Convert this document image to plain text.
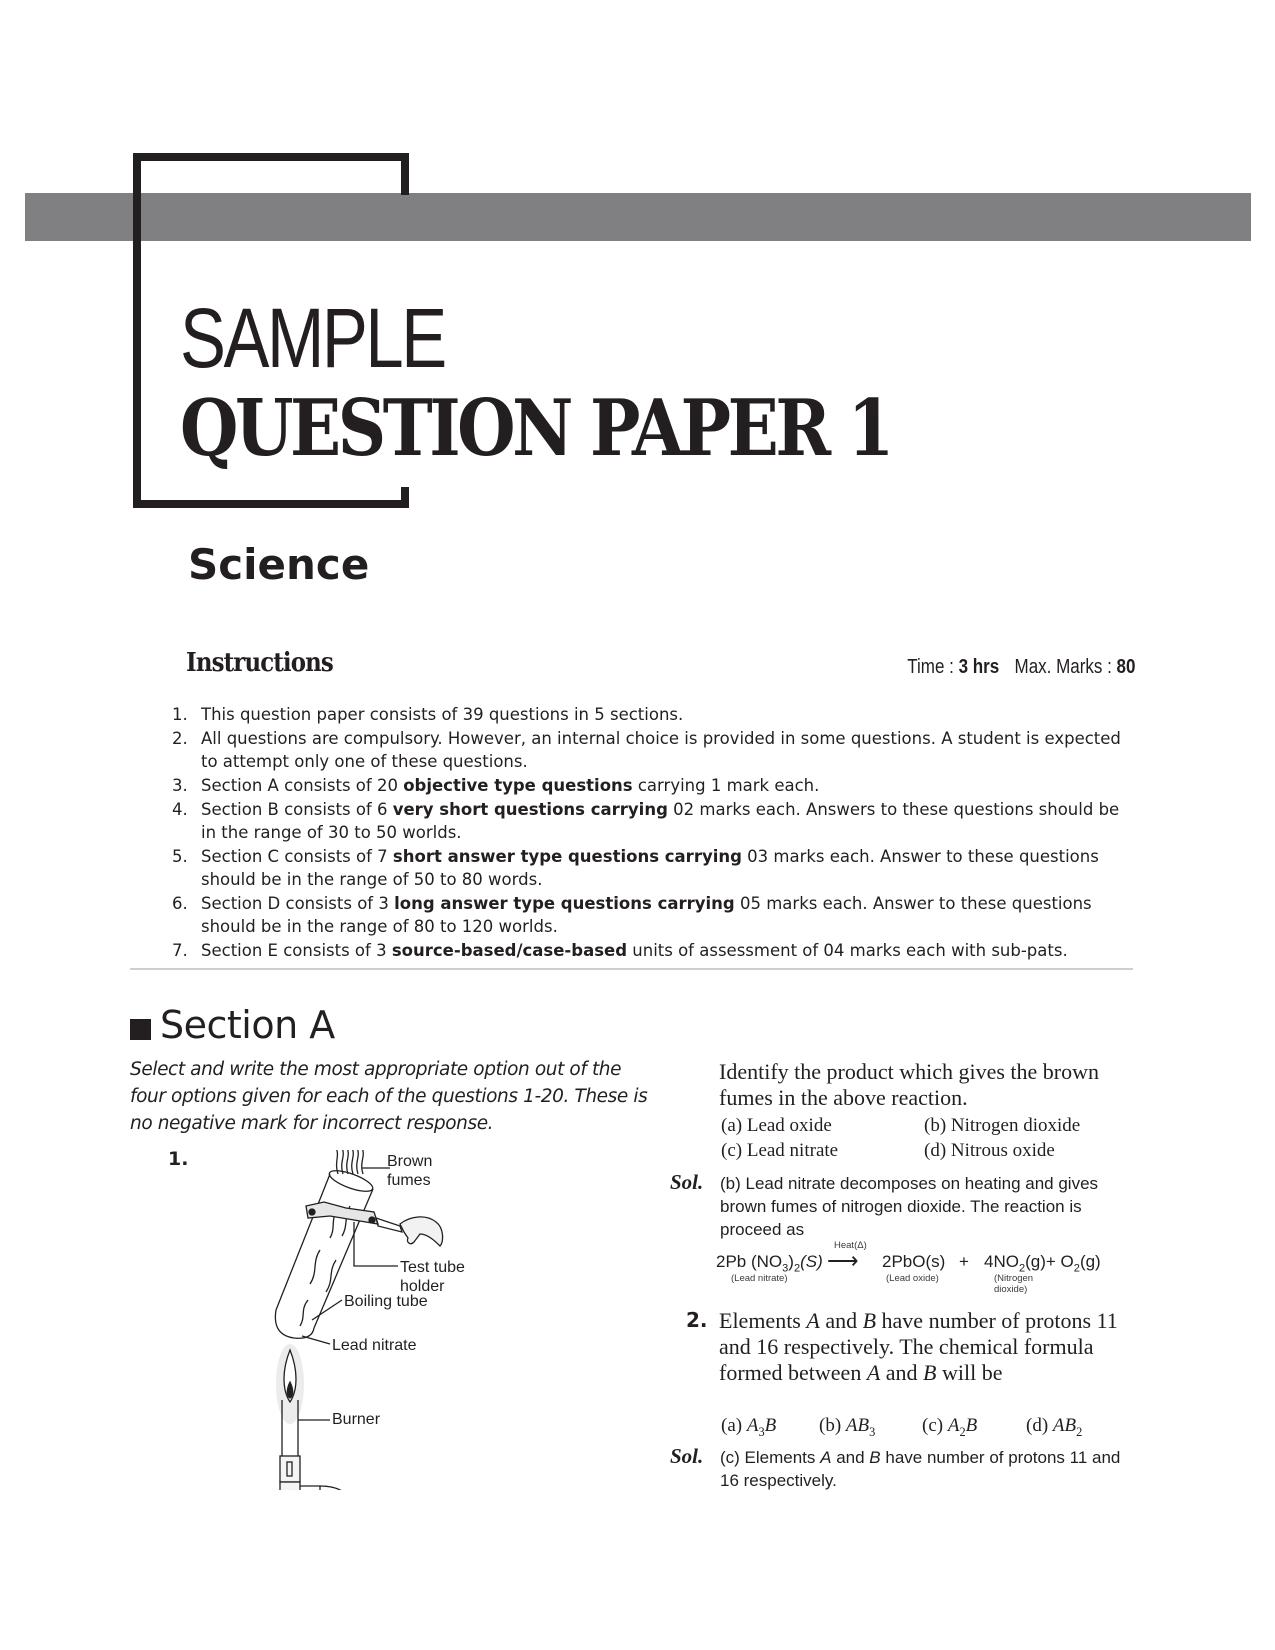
SAMPLE
QUESTION PAPER 1
Science
Instructions	Time : 3 hrs Max. Marks : 80
1. This question paper consists of 39 questions in 5 sections.
2. All questions are compulsory. However, an internal choice is provided in some questions. A student is expected to attempt only one of these questions.
3. Section A consists of 20 objective type questions carrying 1 mark each.
4. Section B consists of 6 very short questions carrying 02 marks each. Answers to these questions should be in the range of 30 to 50 worlds.
5. Section C consists of 7 short answer type questions carrying 03 marks each. Answer to these questions should be in the range of 50 to 80 words.
6. Section D consists of 3 long answer type questions carrying 05 marks each. Answer to these questions should be in the range of 80 to 120 worlds.
7. Section E consists of 3 source-based/case-based units of assessment of 04 marks each with sub-pats.
Section A
Select and write the most appropriate option out of the four options given for each of the questions 1-20. These is no negative mark for incorrect response.
1.	Brown
fumes
Test tube
holder
Boiling tube
Lead nitrate
Burner
Identify the product which gives the brown fumes in the above reaction.
(a) Lead oxide	(b) Nitrogen dioxide
(c) Lead nitrate	(d) Nitrous oxide
Sol. (b) Lead nitrate decomposes on heating and gives brown fumes of nitrogen dioxide. The reaction is proceed as
2Pb $(NO_3)_2(S)$
(Lead nitrate)
Heat(Δ)
⟶ 2PbO(s)
(Lead oxide)
+ $4NO_2(g)+ O_2(g)$
(Nitrogen
dioxide)
2. Elements A and B have number of protons 11 and 16 respectively. The chemical formula formed between A and B will be
(a) $A_3B$ (b) $AB_3$ (c) $A_2B$	(d) $AB_2$
Sol. (c) Elements A and B have number of protons 11 and 16 respectively.
